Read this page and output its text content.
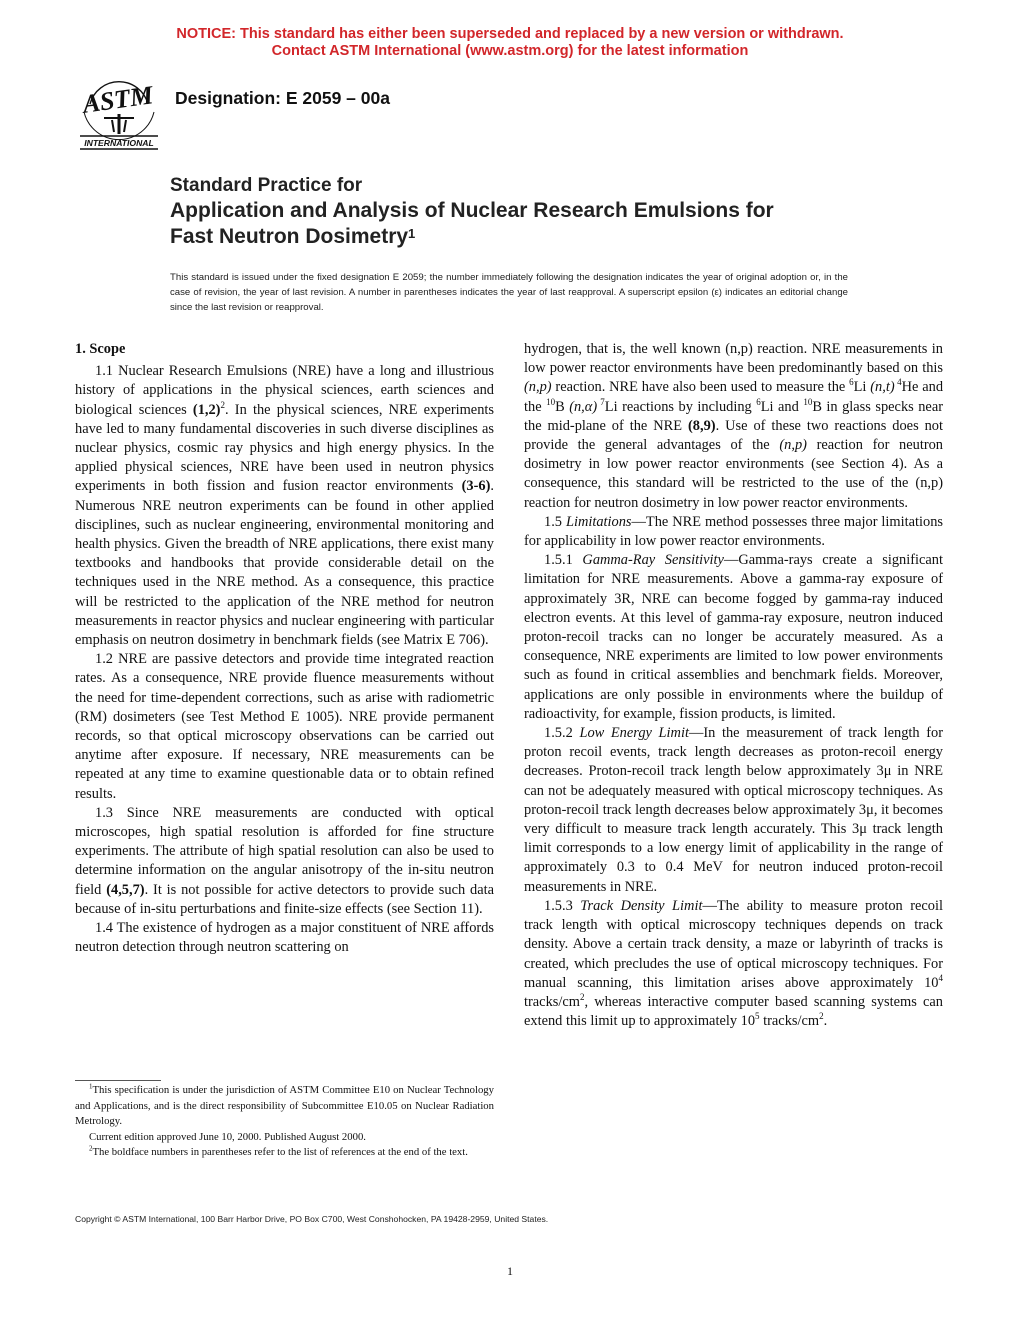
NOTICE: This standard has either been superseded and replaced by a new version or withdrawn.
Contact ASTM International (www.astm.org) for the latest information
ASTM
INTERNATIONAL
Designation: E 2059 – 00a
Standard Practice for
Application and Analysis of Nuclear Research Emulsions for
Fast Neutron Dosimetry$^1$
This standard is issued under the fixed designation E 2059; the number immediately following the designation indicates the year of original adoption or, in the case of revision, the year of last revision. A number in parentheses indicates the year of last reapproval. A superscript epsilon (ε) indicates an editorial change since the last revision or reapproval.
1. Scope

1.1 Nuclear Research Emulsions (NRE) have a long and illustrious history of applications in the physical sciences, earth sciences and biological sciences $(1,2)^2$. In the physical sciences, NRE experiments have led to many fundamental discoveries in such diverse disciplines as nuclear physics, cosmic ray physics and high energy physics. In the applied physical sciences, NRE have been used in neutron physics experiments in both fission and fusion reactor environments (3-6). Numerous NRE neutron experiments can be found in other applied disciplines, such as nuclear engineering, environmental monitoring and health physics. Given the breadth of NRE applications, there exist many textbooks and handbooks that provide considerable detail on the techniques used in the NRE method. As a consequence, this practice will be restricted to the application of the NRE method for neutron measurements in reactor physics and nuclear engineering with particular emphasis on neutron dosimetry in benchmark fields (see Matrix E 706).

1.2 NRE are passive detectors and provide time integrated reaction rates. As a consequence, NRE provide fluence measurements without the need for time-dependent corrections, such as arise with radiometric (RM) dosimeters (see Test Method E 1005). NRE provide permanent records, so that optical microscopy observations can be carried out anytime after exposure. If necessary, NRE measurements can be repeated at any time to examine questionable data or to obtain refined results.

1.3 Since NRE measurements are conducted with optical microscopes, high spatial resolution is afforded for fine structure experiments. The attribute of high spatial resolution can also be used to determine information on the angular anisotropy of the in-situ neutron field (4,5,7). It is not possible for active detectors to provide such data because of in-situ perturbations and finite-size effects (see Section 11).

1.4 The existence of hydrogen as a major constituent of NRE affords neutron detection through neutron scattering on

hydrogen, that is, the well known (n,p) reaction. NRE measurements in low power reactor environments have been predominantly based on this (n,p) reaction. NRE have also been used to measure the $^6$Li (n,t) $^4$He and the $^{10}$B (n,α) $^7$Li reactions by including $^6$Li and $^{10}$B in glass specks near the mid-plane of the NRE (8,9). Use of these two reactions does not provide the general advantages of the (n,p) reaction for neutron dosimetry in low power reactor environments (see Section 4). As a consequence, this standard will be restricted to the use of the (n,p) reaction for neutron dosimetry in low power reactor environments.

1.5 Limitations—The NRE method possesses three major limitations for applicability in low power reactor environments.

1.5.1 Gamma-Ray Sensitivity—Gamma-rays create a significant limitation for NRE measurements. Above a gamma-ray exposure of approximately 3R, NRE can become fogged by gamma-ray induced electron events. At this level of gamma-ray exposure, neutron induced proton-recoil tracks can no longer be accurately measured. As a consequence, NRE experiments are limited to low power environments such as found in critical assemblies and benchmark fields. Moreover, applications are only possible in environments where the buildup of radioactivity, for example, fission products, is limited.

1.5.2 Low Energy Limit—In the measurement of track length for proton recoil events, track length decreases as proton-recoil energy decreases. Proton-recoil track length below approximately 3μ in NRE can not be adequately measured with optical microscopy techniques. As proton-recoil track length decreases below approximately 3μ, it becomes very difficult to measure track length accurately. This 3μ track length limit corresponds to a low energy limit of applicability in the range of approximately 0.3 to 0.4 MeV for neutron induced proton-recoil measurements in NRE.

1.5.3 Track Density Limit—The ability to measure proton recoil track length with optical microscopy techniques depends on track density. Above a certain track density, a maze or labyrinth of tracks is created, which precludes the use of optical microscopy techniques. For manual scanning, this limitation arises above approximately $10^4$ tracks/$cm^2$, whereas interactive computer based scanning systems can extend this limit up to approximately $10^5$ tracks/$cm^2$.

$^1$This specification is under the jurisdiction of ASTM Committee E10 on Nuclear Technology and Applications, and is the direct responsibility of Subcommittee E10.05 on Nuclear Radiation Metrology.

Current edition approved June 10, 2000. Published August 2000.

$^2$The boldface numbers in parentheses refer to the list of references at the end of the text.

Copyright © ASTM International, 100 Barr Harbor Drive, PO Box C700, West Conshohocken, PA 19428-2959, United States.
1
